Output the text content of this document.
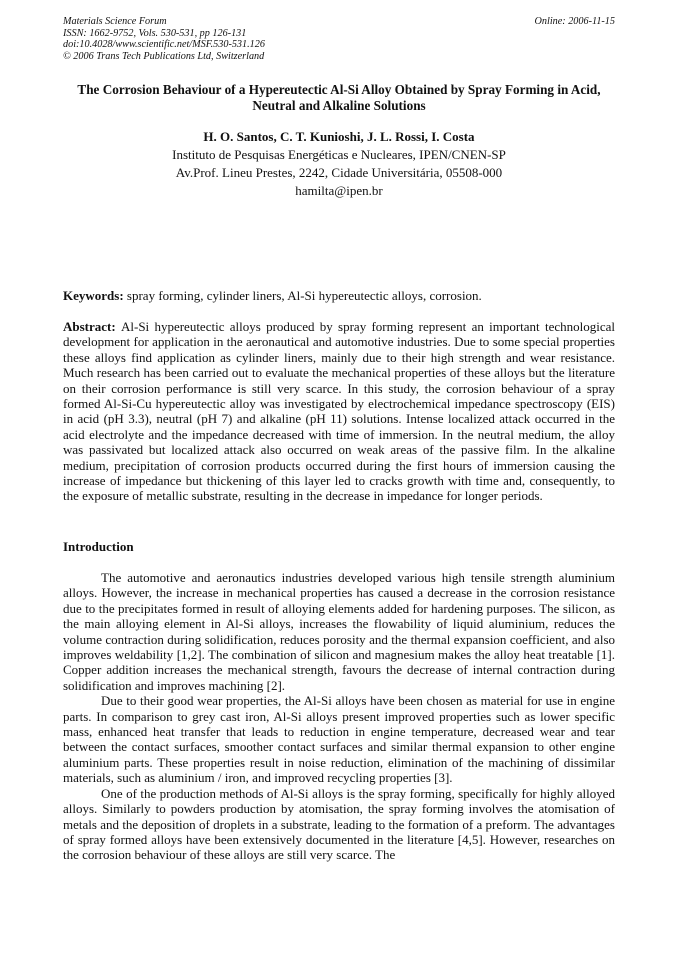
Materials Science Forum
ISSN: 1662-9752, Vols. 530-531, pp 126-131
doi:10.4028/www.scientific.net/MSF.530-531.126
© 2006 Trans Tech Publications Ltd, Switzerland
Online: 2006-11-15
The Corrosion Behaviour of a Hypereutectic Al-Si Alloy Obtained by Spray Forming in Acid, Neutral and Alkaline Solutions
H. O. Santos, C. T. Kunioshi, J. L. Rossi, I. Costa
Instituto de Pesquisas Energéticas e Nucleares, IPEN/CNEN-SP
Av.Prof. Lineu Prestes, 2242, Cidade Universitária, 05508-000
hamilta@ipen.br
Keywords: spray forming, cylinder liners, Al-Si hypereutectic alloys, corrosion.
Abstract: Al-Si hypereutectic alloys produced by spray forming represent an important technological development for application in the aeronautical and automotive industries. Due to some special properties these alloys find application as cylinder liners, mainly due to their high strength and wear resistance. Much research has been carried out to evaluate the mechanical properties of these alloys but the literature on their corrosion performance is still very scarce. In this study, the corrosion behaviour of a spray formed Al-Si-Cu hypereutectic alloy was investigated by electrochemical impedance spectroscopy (EIS) in acid (pH 3.3), neutral (pH 7) and alkaline (pH 11) solutions. Intense localized attack occurred in the acid electrolyte and the impedance decreased with time of immersion. In the neutral medium, the alloy was passivated but localized attack also occurred on weak areas of the passive film. In the alkaline medium, precipitation of corrosion products occurred during the first hours of immersion causing the increase of impedance but thickening of this layer led to cracks growth with time and, consequently, to the exposure of metallic substrate, resulting in the decrease in impedance for longer periods.
Introduction

The automotive and aeronautics industries developed various high tensile strength aluminium alloys. However, the increase in mechanical properties has caused a decrease in the corrosion resistance due to the precipitates formed in result of alloying elements added for hardening purposes. The silicon, as the main alloying element in Al-Si alloys, increases the flowability of liquid aluminium, reduces the volume contraction during solidification, reduces porosity and the thermal expansion coefficient, and also improves weldability [1,2]. The combination of silicon and magnesium makes the alloy heat treatable [1]. Copper addition increases the mechanical strength, favours the decrease of internal contraction during solidification and improves machining [2].

Due to their good wear properties, the Al-Si alloys have been chosen as material for use in engine parts. In comparison to grey cast iron, Al-Si alloys present improved properties such as lower specific mass, enhanced heat transfer that leads to reduction in engine temperature, decreased wear and tear between the contact surfaces, smoother contact surfaces and similar thermal expansion to other engine aluminium parts. These properties result in noise reduction, elimination of the machining of dissimilar materials, such as aluminium / iron, and improved recycling properties [3].

One of the production methods of Al-Si alloys is the spray forming, specifically for highly alloyed alloys. Similarly to powders production by atomisation, the spray forming involves the atomisation of metals and the deposition of droplets in a substrate, leading to the formation of a preform. The advantages of spray formed alloys have been extensively documented in the literature [4,5]. However, researches on the corrosion behaviour of these alloys are still very scarce. The
